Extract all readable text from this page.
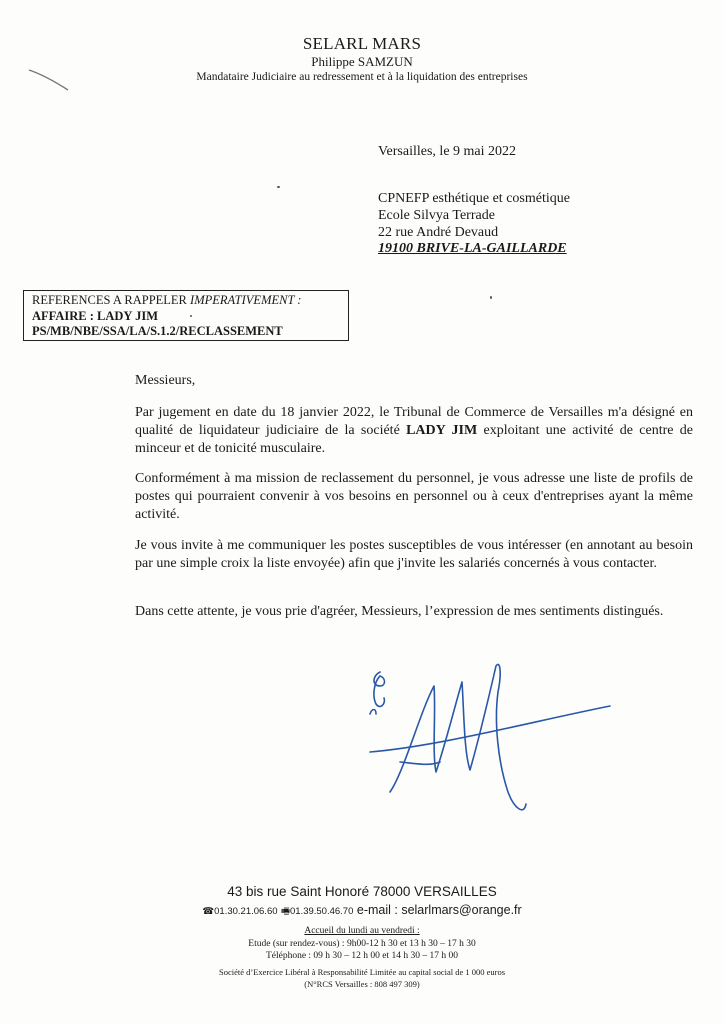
SELARL MARS
Philippe SAMZUN
Mandataire Judiciaire au redressement et à la liquidation des entreprises
Versailles, le 9 mai 2022
CPNEFP esthétique et cosmétique
Ecole Silvya Terrade
22 rue André Devaud
19100 BRIVE-LA-GAILLARDE
REFERENCES A RAPPELER IMPERATIVEMENT :
AFFAIRE : LADY JIM
PS/MB/NBE/SSA/LA/S.1.2/RECLASSEMENT
Messieurs,
Par jugement en date du 18 janvier 2022, le Tribunal de Commerce de Versailles m'a désigné en qualité de liquidateur judiciaire de la société LADY JIM exploitant une activité de centre de minceur et de tonicité musculaire.
Conformément à ma mission de reclassement du personnel, je vous adresse une liste de profils de postes qui pourraient convenir à vos besoins en personnel ou à ceux d'entreprises ayant la même activité.
Je vous invite à me communiquer les postes susceptibles de vous intéresser (en annotant au besoin par une simple croix la liste envoyée) afin que j'invite les salariés concernés à vous contacter.
Dans cette attente, je vous prie d'agréer, Messieurs, l’expression de mes sentiments distingués.
43 bis rue Saint Honoré 78000 VERSAILLES
☎01.30.21.06.60 🖷01.39.50.46.70 e-mail : selarlmars@orange.fr
Accueil du lundi au vendredi :
Etude (sur rendez-vous) : 9h00-12 h 30 et 13 h 30 – 17 h 30
Téléphone : 09 h 30 – 12 h 00 et 14 h 30 – 17 h 00
Société d’Exercice Libéral à Responsabilité Limitée au capital social de 1 000 euros
(N°RCS Versailles : 808 497 309)
